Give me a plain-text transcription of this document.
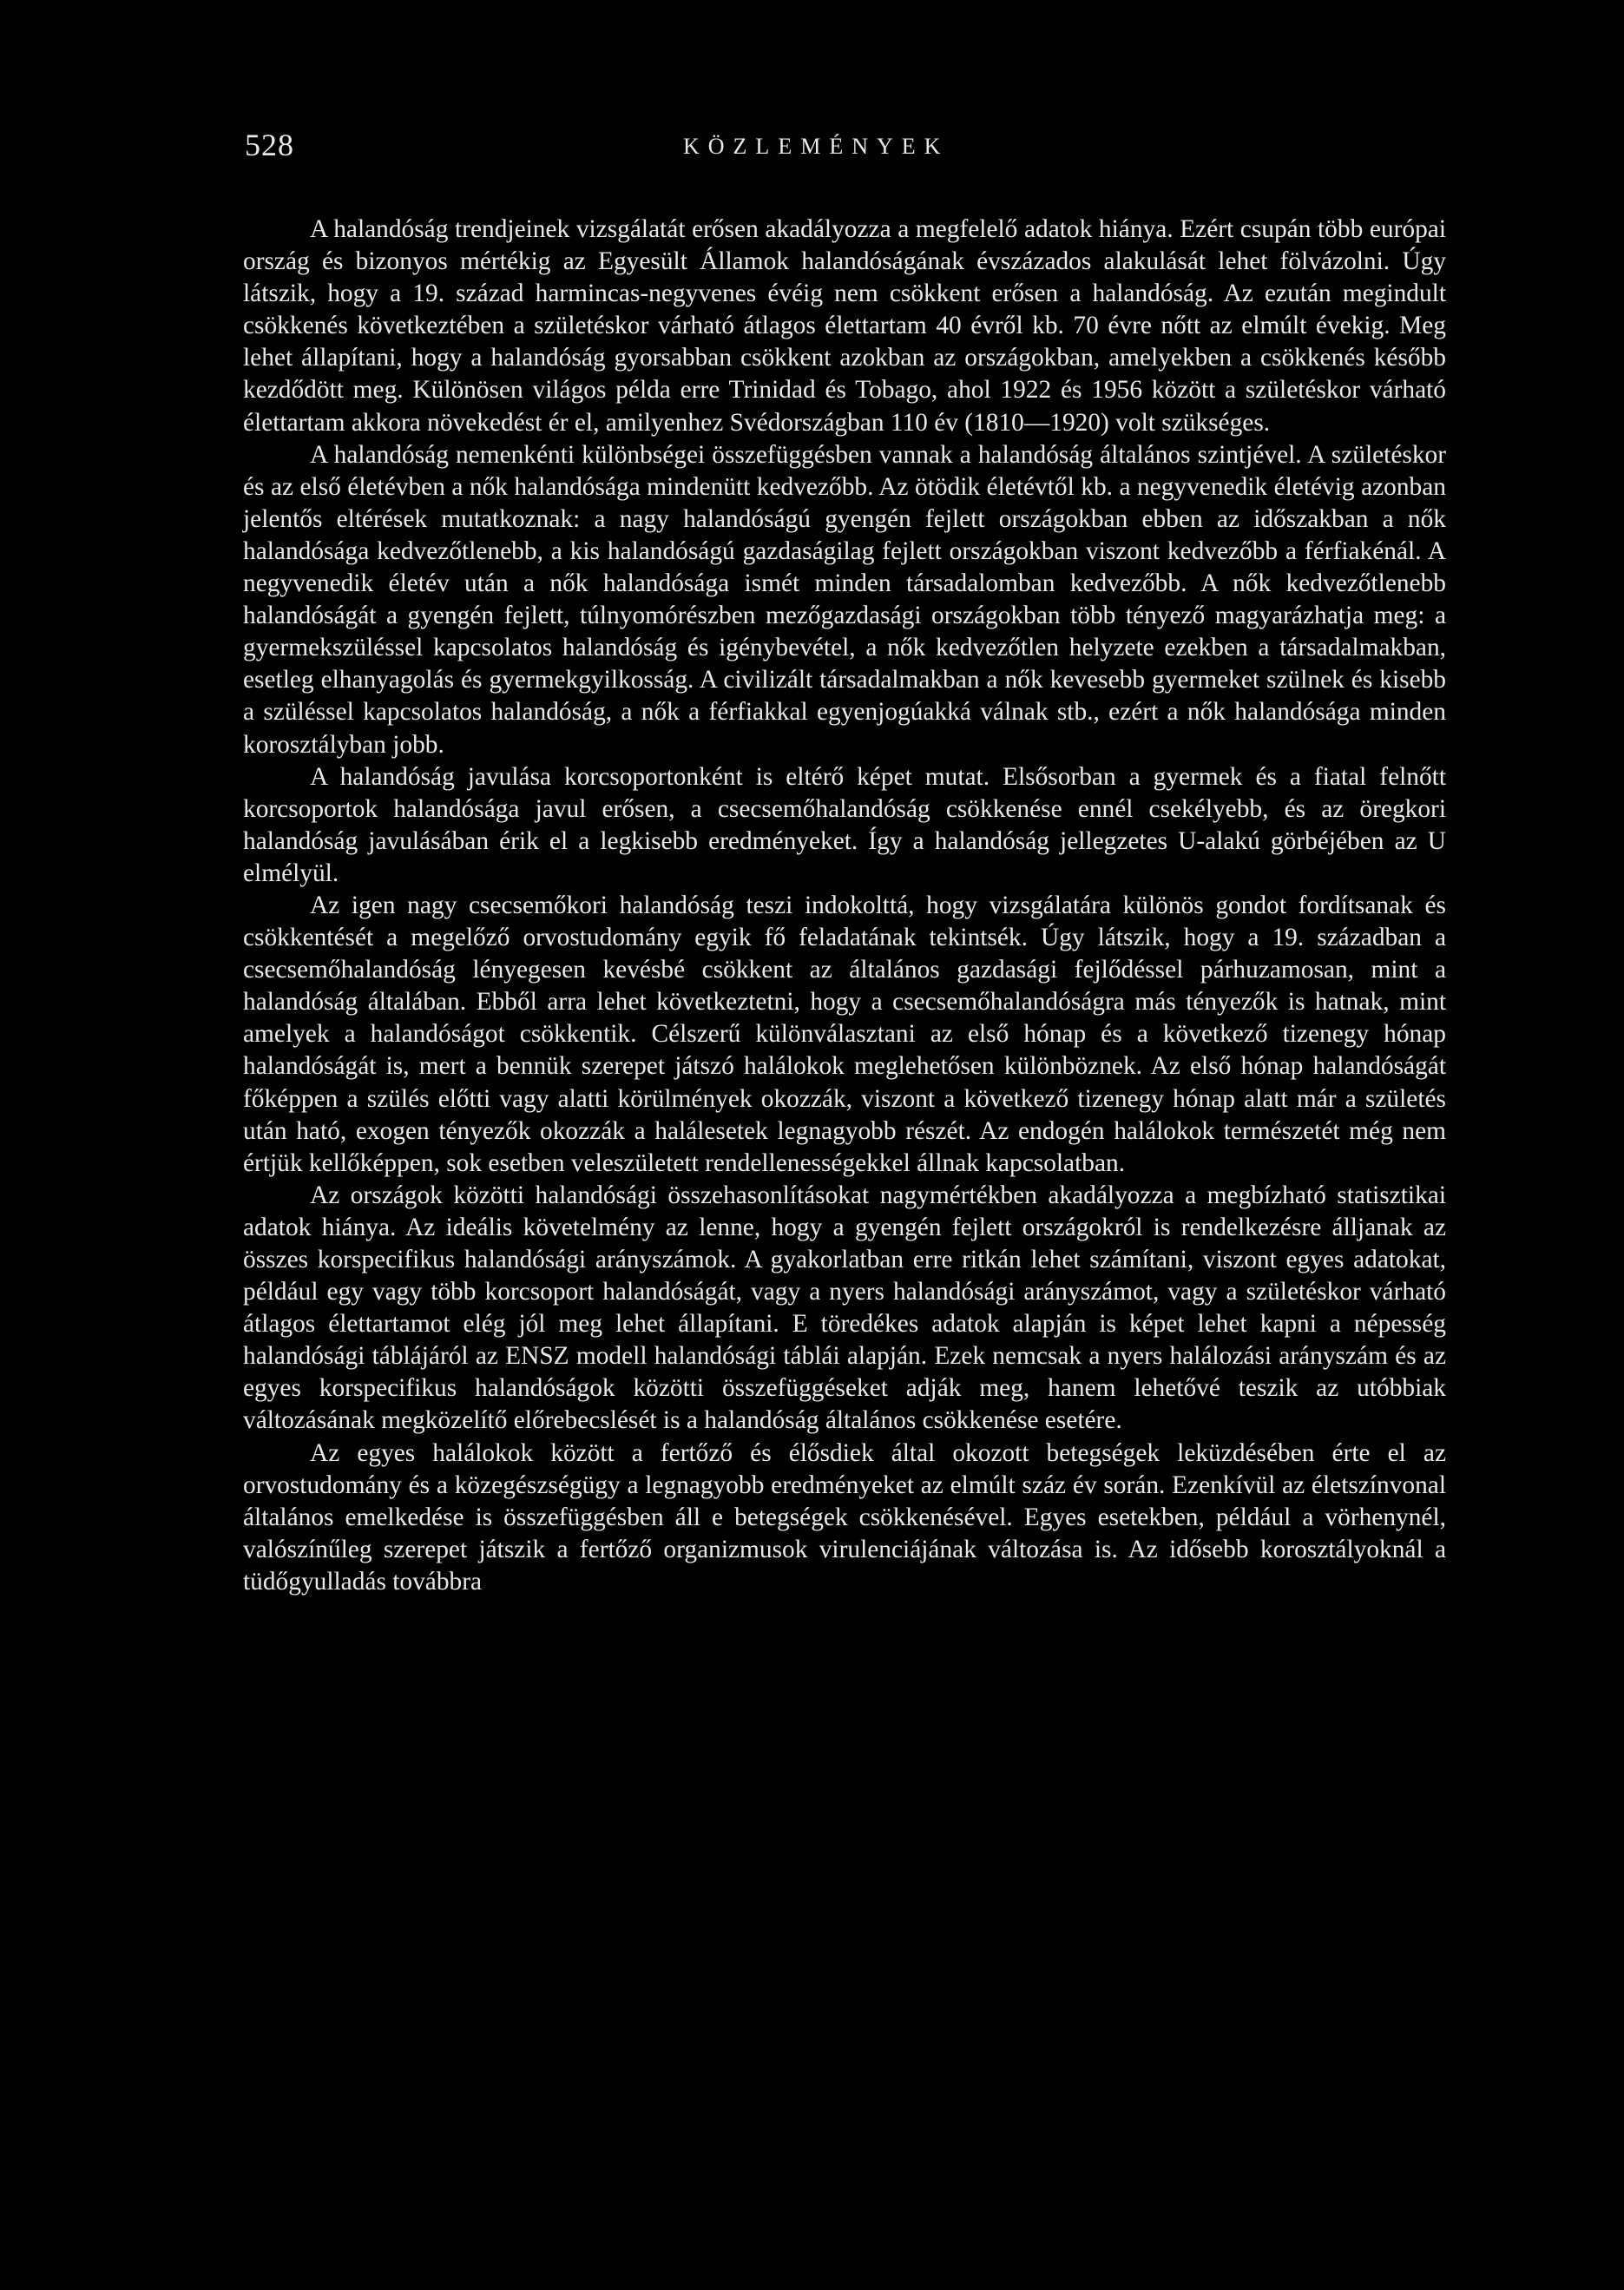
528	KÖZLEMÉNYEK

A halandóság trendjeinek vizsgálatát erősen akadályozza a megfelelő adatok hiánya. Ezért csupán több európai ország és bizonyos mértékig az Egyesült Államok halandóságának évszázados alakulását lehet fölvázolni. Úgy látszik, hogy a 19. század harmincas-negyvenes évéig nem csökkent erősen a halandóság. Az ezután megindult csökkenés következtében a születéskor várható átlagos élettartam 40 évről kb. 70 évre nőtt az elmúlt évekig. Meg lehet állapítani, hogy a halandóság gyorsabban csökkent azokban az országokban, amelyekben a csökkenés később kezdődött meg. Különösen világos példa erre Trinidad és Tobago, ahol 1922 és 1956 között a születéskor várható élettartam akkora növekedést ér el, amilyenhez Svédországban 110 év (1810—1920) volt szükséges.

A halandóság nemenkénti különbségei összefüggésben vannak a halandóság általános szintjével. A születéskor és az első életévben a nők halandósága mindenütt kedvezőbb. Az ötödik életévtől kb. a negyvenedik életévig azonban jelentős eltérések mutatkoznak: a nagy halandóságú gyengén fejlett országokban ebben az időszakban a nők halandósága kedvezőtlenebb, a kis halandóságú gazdaságilag fejlett országokban viszont kedvezőbb a férfiakénál. A negyvenedik életév után a nők halandósága ismét minden társadalomban kedvezőbb. A nők kedvezőtlenebb halandóságát a gyengén fejlett, túlnyomórészben mezőgazdasági országokban több tényező magyarázhatja meg: a gyermekszüléssel kapcsolatos halandóság és igénybevétel, a nők kedvezőtlen helyzete ezekben a társadalmakban, esetleg elhanyagolás és gyermekgyilkosság. A civilizált társadalmakban a nők kevesebb gyermeket szülnek és kisebb a szüléssel kapcsolatos halandóság, a nők a férfiakkal egyenjogúakká válnak stb., ezért a nők halandósága minden korosztályban jobb.

A halandóság javulása korcsoportonként is eltérő képet mutat. Elsősorban a gyermek és a fiatal felnőtt korcsoportok halandósága javul erősen, a csecsemőhalandóság csökkenése ennél csekélyebb, és az öregkori halandóság javulásában érik el a legkisebb eredményeket. Így a halandóság jellegzetes U-alakú görbéjében az U elmélyül.

Az igen nagy csecsemőkori halandóság teszi indokolttá, hogy vizsgálatára különös gondot fordítsanak és csökkentését a megelőző orvostudomány egyik fő feladatának tekintsék. Úgy látszik, hogy a 19. században a csecsemőhalandóság lényegesen kevésbé csökkent az általános gazdasági fejlődéssel párhuzamosan, mint a halandóság általában. Ebből arra lehet következtetni, hogy a csecsemőhalandóságra más tényezők is hatnak, mint amelyek a halandóságot csökkentik. Célszerű különválasztani az első hónap és a következő tizenegy hónap halandóságát is, mert a bennük szerepet játszó halálokok meglehetősen különböznek. Az első hónap halandóságát főképpen a szülés előtti vagy alatti körülmények okozzák, viszont a következő tizenegy hónap alatt már a születés után ható, exogen tényezők okozzák a halálesetek legnagyobb részét. Az endogén halálokok természetét még nem értjük kellőképpen, sok esetben veleszületett rendellenességekkel állnak kapcsolatban.

Az országok közötti halandósági összehasonlításokat nagymértékben akadályozza a megbízható statisztikai adatok hiánya. Az ideális követelmény az lenne, hogy a gyengén fejlett országokról is rendelkezésre álljanak az összes korspecifikus halandósági arányszámok. A gyakorlatban erre ritkán lehet számítani, viszont egyes adatokat, például egy vagy több korcsoport halandóságát, vagy a nyers halandósági arányszámot, vagy a születéskor várható átlagos élettartamot elég jól meg lehet állapítani. E töredékes adatok alapján is képet lehet kapni a népesség halandósági táblájáról az ENSZ modell halandósági táblái alapján. Ezek nemcsak a nyers halálozási arányszám és az egyes korspecifikus halandóságok közötti összefüggéseket adják meg, hanem lehetővé teszik az utóbbiak változásának megközelítő előrebecslését is a halandóság általános csökkenése esetére.

Az egyes halálokok között a fertőző és élősdiek által okozott betegségek leküzdésében érte el az orvostudomány és a közegészségügy a legnagyobb eredményeket az elmúlt száz év során. Ezenkívül az életszínvonal általános emelkedése is összefüggésben áll e betegségek csökkenésével. Egyes esetekben, például a vörhenynél, valószínűleg szerepet játszik a fertőző organizmusok virulenciájának változása is. Az idősebb korosztályoknál a tüdőgyulladás továbbra
